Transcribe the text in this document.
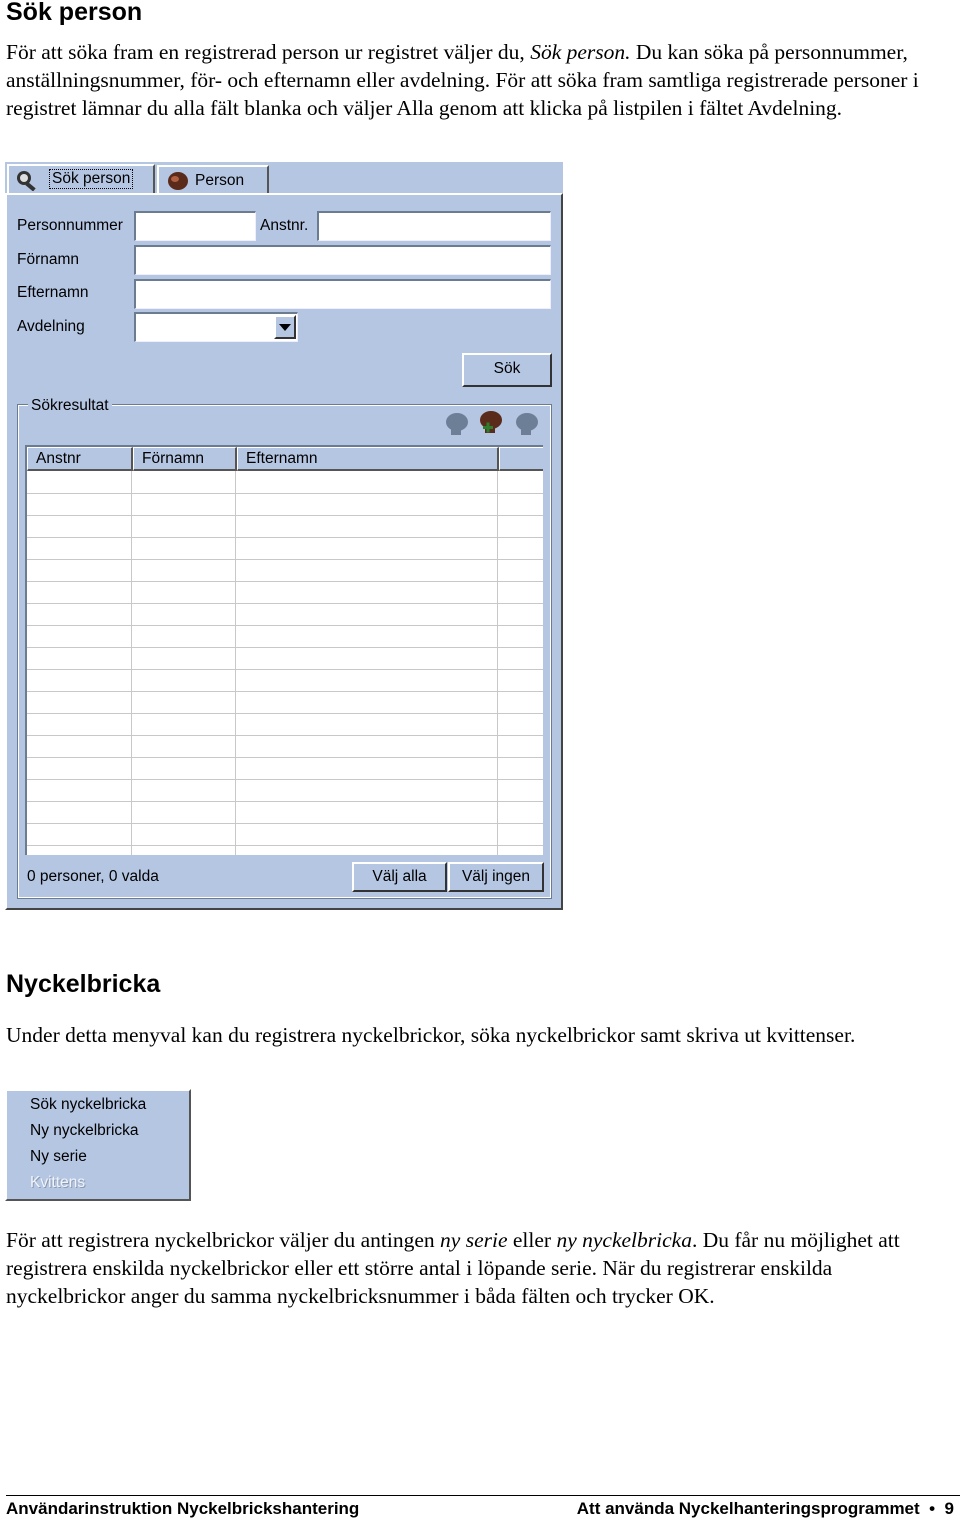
Sök person

För att söka fram en registrerad person ur registret väljer du, Sök person. Du kan söka på personnummer, anställningsnummer, för- och efternamn eller avdelning. För att söka fram samtliga registrerade personer i registret lämnar du alla fält blanka och väljer Alla genom att klicka på listpilen i fältet Avdelning.

Sök person	Person
Personnummer	Anstnr.
Förnamn
Efternamn
Avdelning
Sök
Sökresultat
Anstnr	Förnamn	Efternamn
0 personer, 0 valda	Välj alla	Välj ingen
Nyckelbricka

Under detta menyval kan du registrera nyckelbrickor, söka nyckelbrickor samt skriva ut kvittenser.

Sök nyckelbricka
Ny nyckelbricka
Ny serie
Kvittens

För att registrera nyckelbrickor väljer du antingen ny serie eller ny nyckelbricka. Du får nu möjlighet att registrera enskilda nyckelbrickor eller ett större antal i löpande serie. När du registrerar enskilda nyckelbrickor anger du samma nyckelbricksnummer i båda fälten och trycker OK.

Användarinstruktion Nyckelbrickshantering	Att använda Nyckelhanteringsprogrammet • 9
